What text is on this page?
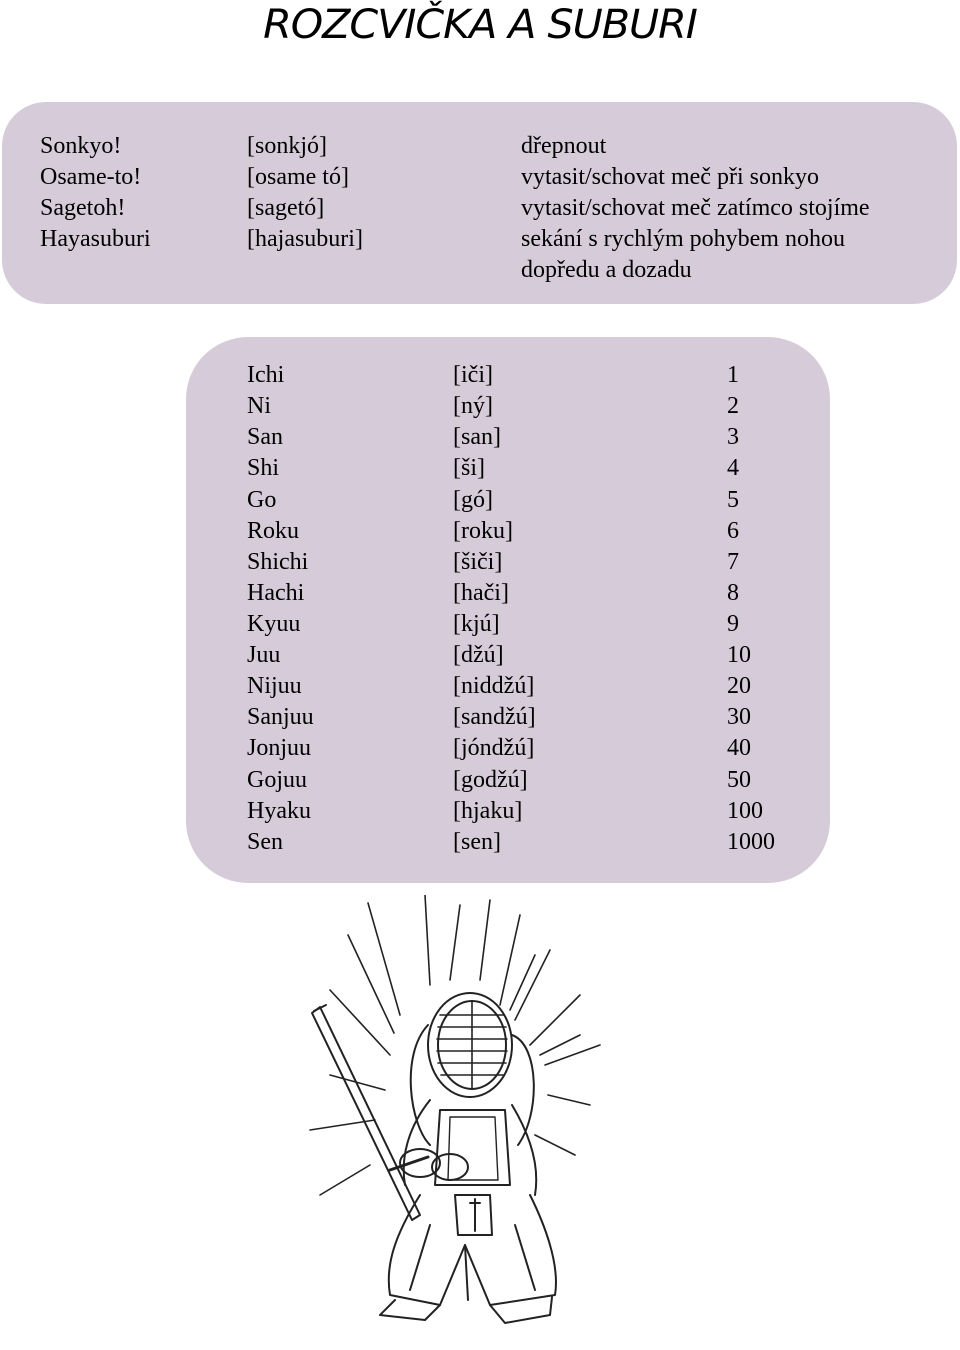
ROZCVIČKA A SUBURI
Sonkyo!	[sonkjó]	dřepnout
Osame-to!	[osame tó]	vytasit/schovat meč při sonkyo
Sagetoh!	[sagetó]	vytasit/schovat meč zatímco stojíme
Hayasuburi	[hajasuburi]	sekání s rychlým pohybem nohou dopředu a dozadu
Ichi	[iči]	1
Ni	[ný]	2
San	[san]	3
Shi	[ši]	4
Go	[gó]	5
Roku	[roku]	6
Shichi	[šiči]	7
Hachi	[hači]	8
Kyuu	[kjú]	9
Juu	[džú]	10
Nijuu	[niddžú]	20
Sanjuu	[sandžú]	30
Jonjuu	[jóndžú]	40
Gojuu	[godžú]	50
Hyaku	[hjaku]	100
Sen	[sen]	1000
